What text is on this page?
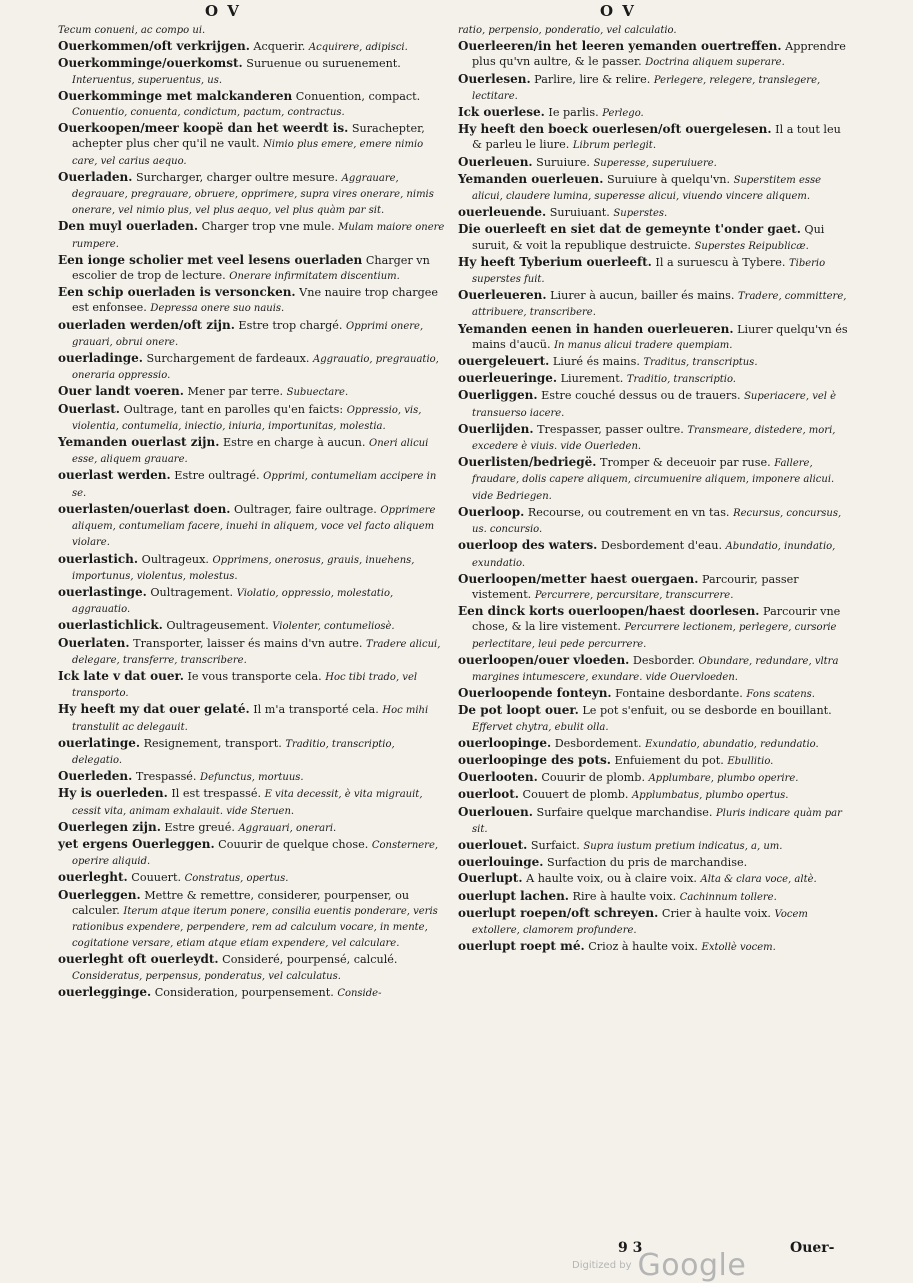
O V	O V
Tecum conueni, ac compo ui.
Ouerkommen/oft verkrijgen. Acquerir. Acquirere, adipisci.
Ouerkomminge/ouerkomst. Suruenue ou suruenement. Interuentus, superuentus, us.
Ouerkomminge met malckanderen Conuention, compact. Conuentio, conuenta, condictum, pactum, contractus.
Ouerkoopen/meer koopë dan het weerdt is. Surachepter, achepter plus cher qu'il ne vault. Nimio plus emere, emere nimio care, vel carius aequo.
Ouerladen. Surcharger, charger oultre mesure. Aggrauare, degrauare, pregrauare, obruere, opprimere, supra vires onerare, nimis onerare, vel nimio plus, vel plus aequo, vel plus quàm par sit.
Den muyl ouerladen. Charger trop vne mule. Mulam maiore onere rumpere.
Een ionge scholier met veel lesens ouerladen Charger vn escolier de trop de lecture. Onerare infirmitatem discentium.
Een schip ouerladen is versoncken. Vne nauire trop chargee est enfonsee. Depressa onere suo nauis.
ouerladen werden/oft zijn. Estre trop chargé. Opprimi onere, grauari, obrui onere.
ouerladinge. Surchargement de fardeaux. Aggrauatio, pregrauatio, oneraria oppressio.
Ouer landt voeren. Mener par terre. Subuectare.
Ouerlast. Oultrage, tant en parolles qu'en faicts: Oppressio, vis, violentia, contumelia, iniectio, iniuria, importunitas, molestia.
Yemanden ouerlast zijn. Estre en charge à aucun. Oneri alicui esse, aliquem grauare.
ouerlast werden. Estre oultragé. Opprimi, contumeliam accipere in se.
ouerlasten/ouerlast doen. Oultrager, faire oultrage. Opprimere aliquem, contumeliam facere, inuehi in aliquem, voce vel facto aliquem violare.
ouerlastich. Oultrageux. Opprimens, onerosus, grauis, inuehens, importunus, violentus, molestus.
ouerlastinge. Oultragement. Violatio, oppressio, molestatio, aggrauatio.
ouerlastichlick. Oultrageusement. Violenter, contumeliosè.
Ouerlaten. Transporter, laisser és mains d'vn autre. Tradere alicui, delegare, transferre, transcribere.
Ick late v dat ouer. Ie vous transporte cela. Hoc tibi trado, vel transporto.
Hy heeft my dat ouer gelaté. Il m'a transporté cela. Hoc mihi transtulit ac delegauit.
ouerlatinge. Resignement, transport. Traditio, transcriptio, delegatio.
Ouerleden. Trespassé. Defunctus, mortuus.
Hy is ouerleden. Il est trespassé. E vita decessit, è vita migrauit, cessit vita, animam exhalauit. vide Steruen.
Ouerlegen zijn. Estre greué. Aggrauari, onerari.
yet ergens Ouerleggen. Couurir de quelque chose. Consternere, operire aliquid.
ouerleght. Couuert. Constratus, opertus.
Ouerleggen. Mettre & remettre, considerer, pourpenser, ou calculer. Iterum atque iterum ponere, consilia euentis ponderare, veris rationibus expendere, perpendere, rem ad calculum vocare, in mente, cogitatione versare, etiam atque etiam expendere, vel calculare.
ouerleght oft ouerleydt. Consideré, pourpensé, calculé. Consideratus, perpensus, ponderatus, vel calculatus.
ouerlegginge. Consideration, pourpensement. Conside-
ratio, perpensio, ponderatio, vel calculatio.
Ouerleeren/in het leeren yemanden ouertreffen. Apprendre plus qu'vn aultre, & le passer. Doctrina aliquem superare.
Ouerlesen. Parlire, lire & relire. Perlegere, relegere, translegere, lectitare.
Ick ouerlese. Ie parlis. Perlego.
Hy heeft den boeck ouerlesen/oft ouergelesen. Il a tout leu & parleu le liure. Librum perlegit.
Ouerleuen. Suruiure. Superesse, superuiuere.
Yemanden ouerleuen. Suruiure à quelqu'vn. Superstitem esse alicui, claudere lumina, superesse alicui, viuendo vincere aliquem.
ouerleuende. Suruiuant. Superstes.
Die ouerleeft en siet dat de gemeynte t'onder gaet. Qui suruit, & voit la republique destruicte. Superstes Reipublicæ.
Hy heeft Tyberium ouerleeft. Il a suruescu à Tybere. Tiberio superstes fuit.
Ouerleueren. Liurer à aucun, bailler és mains. Tradere, committere, attribuere, transcribere.
Yemanden eenen in handen ouerleueren. Liurer quelqu'vn és mains d'aucü. In manus alicui tradere quempiam.
ouergeleuert. Liuré és mains. Traditus, transcriptus.
ouerleueringe. Liurement. Traditio, transcriptio.
Ouerliggen. Estre couché dessus ou de trauers. Superiacere, vel è transuerso iacere.
Ouerlijden. Trespasser, passer oultre. Transmeare, distedere, mori, excedere è viuis. vide Ouerleden.
Ouerlisten/bedriegë. Tromper & deceuoir par ruse. Fallere, fraudare, dolis capere aliquem, circumuenire aliquem, imponere alicui. vide Bedriegen.
Ouerloop. Recourse, ou coutrement en vn tas. Recursus, concursus, us. concursio.
ouerloop des waters. Desbordement d'eau. Abundatio, inundatio, exundatio.
Ouerloopen/metter haest ouergaen. Parcourir, passer vistement. Percurrere, percursitare, transcurrere.
Een dinck korts ouerloopen/haest doorlesen. Parcourir vne chose, & la lire vistement. Percurrere lectionem, perlegere, cursorie perlectitare, leui pede percurrere.
ouerloopen/ouer vloeden. Desborder. Obundare, redundare, vltra margines intumescere, exundare. vide Ouervloeden.
Ouerloopende fonteyn. Fontaine desbordante. Fons scatens.
De pot loopt ouer. Le pot s'enfuit, ou se desborde en bouillant. Effervet chytra, ebulit olla.
ouerloopinge. Desbordement. Exundatio, abundatio, redundatio.
ouerloopinge des pots. Enfuiement du pot. Ebullitio.
Ouerlooten. Couurir de plomb. Applumbare, plumbo operire.
ouerloot. Couuert de plomb. Applumbatus, plumbo opertus.
Ouerlouen. Surfaire quelque marchandise. Pluris indicare quàm par sit.
ouerlouet. Surfaict. Supra iustum pretium indicatus, a, um.
ouerlouinge. Surfaction du pris de marchandise.
Ouerlupt. A haulte voix, ou à claire voix. Alta & clara voce, altè.
ouerlupt lachen. Rire à haulte voix. Cachinnum tollere.
ouerlupt roepen/oft schreyen. Crier à haulte voix. Vocem extollere, clamorem profundere.
ouerlupt roept mé. Crioz à haulte voix. Extollè vocem.
9 3	Ouer-
Digitized by Google
